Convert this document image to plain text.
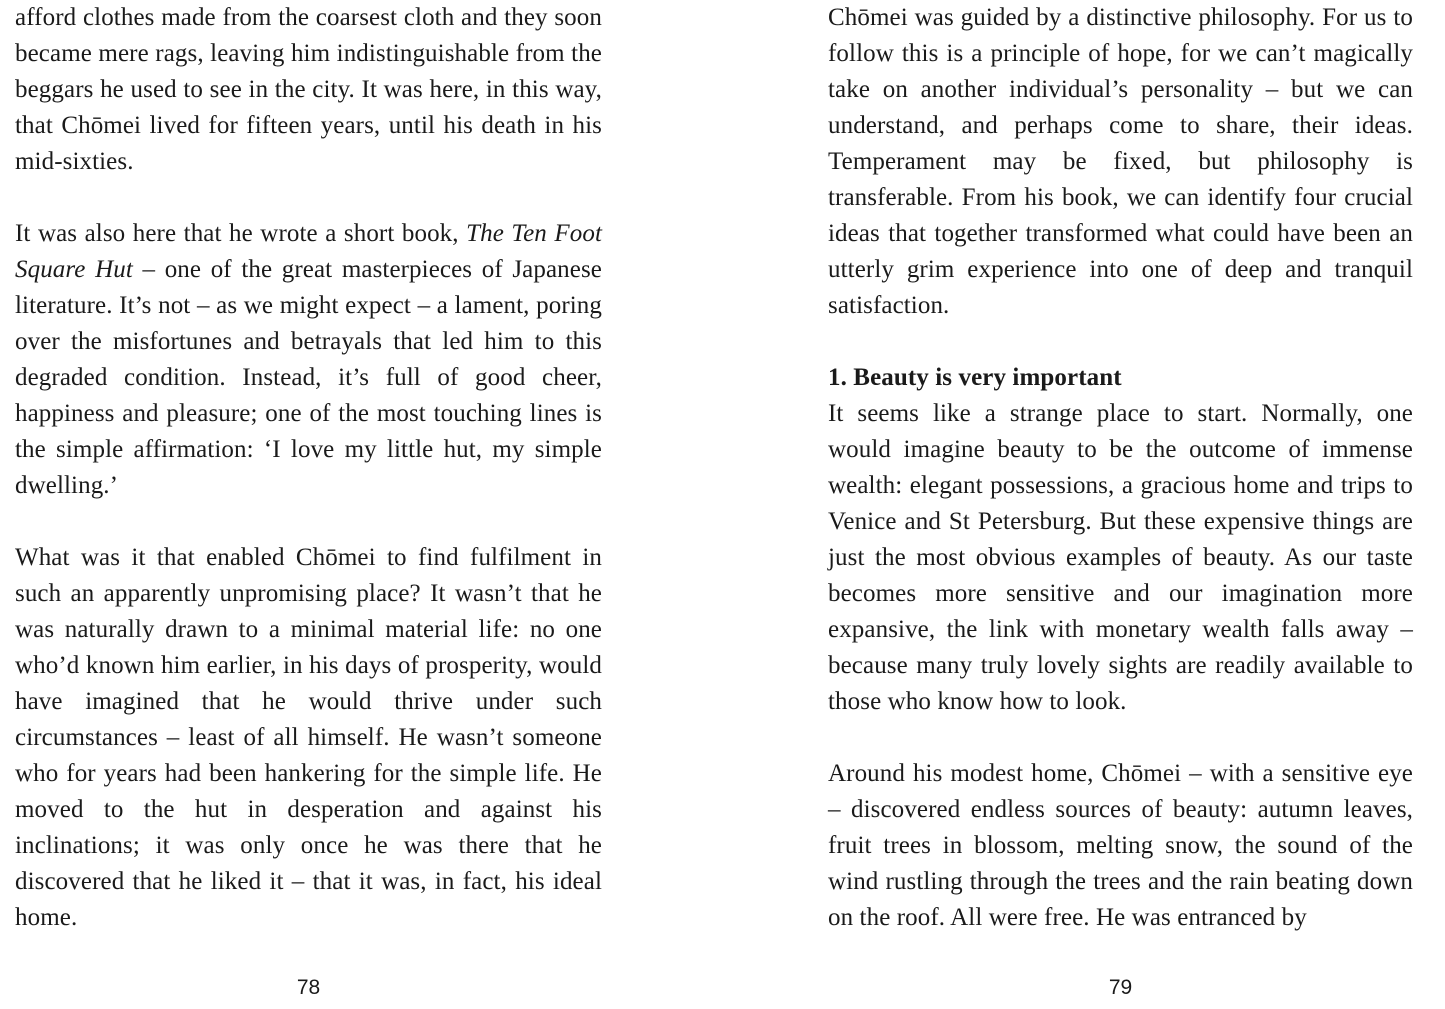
afford clothes made from the coarsest cloth and they soon became mere rags, leaving him indistinguishable from the beggars he used to see in the city. It was here, in this way, that Chōmei lived for fifteen years, until his death in his mid-sixties.

It was also here that he wrote a short book, The Ten Foot Square Hut – one of the great masterpieces of Japanese literature. It’s not – as we might expect – a lament, poring over the misfortunes and betrayals that led him to this degraded condition. Instead, it’s full of good cheer, happiness and pleasure; one of the most touching lines is the simple affirmation: ‘I love my little hut, my simple dwelling.’

What was it that enabled Chōmei to find fulfilment in such an apparently unpromising place? It wasn’t that he was naturally drawn to a minimal material life: no one who’d known him earlier, in his days of prosperity, would have imagined that he would thrive under such circumstances – least of all himself. He wasn’t someone who for years had been hankering for the simple life. He moved to the hut in desperation and against his inclinations; it was only once he was there that he discovered that he liked it – that it was, in fact, his ideal home.

78

Chōmei was guided by a distinctive philosophy. For us to follow this is a principle of hope, for we can’t magically take on another individual’s personality – but we can understand, and perhaps come to share, their ideas. Temperament may be fixed, but philosophy is transferable. From his book, we can identify four crucial ideas that together transformed what could have been an utterly grim experience into one of deep and tranquil satisfaction.

1. Beauty is very important

It seems like a strange place to start. Normally, one would imagine beauty to be the outcome of immense wealth: elegant possessions, a gracious home and trips to Venice and St Petersburg. But these expensive things are just the most obvious examples of beauty. As our taste becomes more sensitive and our imagination more expansive, the link with monetary wealth falls away – because many truly lovely sights are readily available to those who know how to look.

Around his modest home, Chōmei – with a sensitive eye – discovered endless sources of beauty: autumn leaves, fruit trees in blossom, melting snow, the sound of the wind rustling through the trees and the rain beating down on the roof. All were free. He was entranced by

79
